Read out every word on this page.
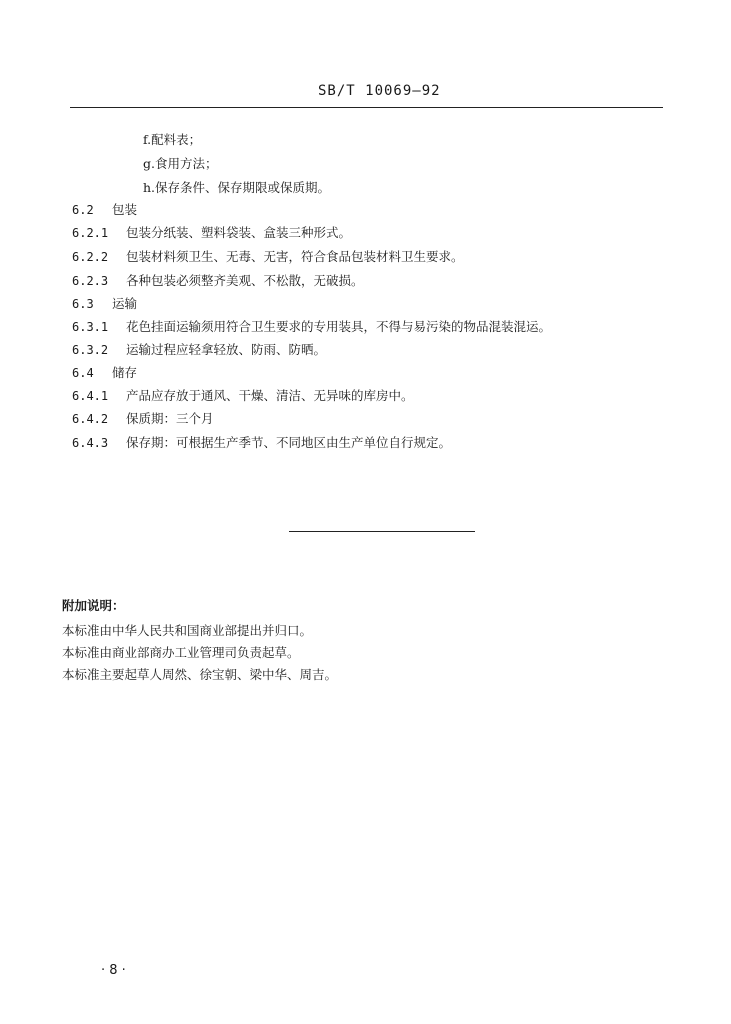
SB/T 10069—92
f.配料表；
g.食用方法；
h.保存条件、保存期限或保质期。
6.2 包装
6.2.1 包装分纸装、塑料袋装、盒装三种形式。
6.2.2 包装材料须卫生、无毒、无害，符合食品包装材料卫生要求。
6.2.3 各种包装必须整齐美观、不松散，无破损。
6.3 运输
6.3.1 花色挂面运输须用符合卫生要求的专用装具，不得与易污染的物品混装混运。
6.3.2 运输过程应轻拿轻放、防雨、防晒。
6.4 储存
6.4.1 产品应存放于通风、干燥、清洁、无异味的库房中。
6.4.2 保质期：三个月
6.4.3 保存期：可根据生产季节、不同地区由生产单位自行规定。
附加说明：
本标准由中华人民共和国商业部提出并归口。
本标准由商业部商办工业管理司负责起草。
本标准主要起草人周然、徐宝朝、梁中华、周吉。
· 8 ·
